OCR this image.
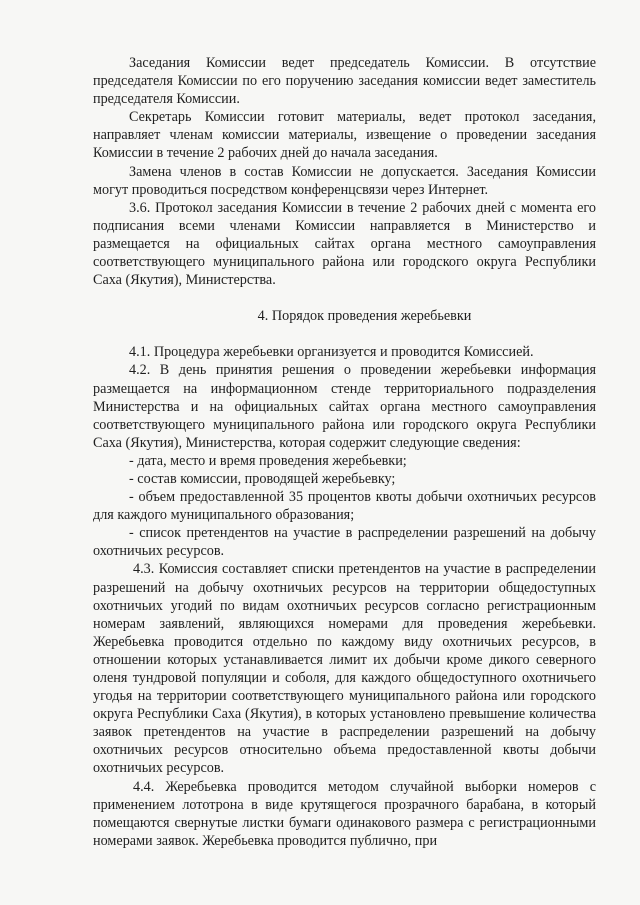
Заседания Комиссии ведет председатель Комиссии. В отсутствие председателя Комиссии по его поручению заседания комиссии ведет заместитель председателя Комиссии.

Секретарь Комиссии готовит материалы, ведет протокол заседания, направляет членам комиссии материалы, извещение о проведении заседания Комиссии в течение 2 рабочих дней до начала заседания.

Замена членов в состав Комиссии не допускается. Заседания Комиссии могут проводиться посредством конференцсвязи через Интернет.

3.6. Протокол заседания Комиссии в течение 2 рабочих дней с момента его подписания всеми членами Комиссии направляется в Министерство и размещается на официальных сайтах органа местного самоуправления соответствующего муниципального района или городского округа Республики Саха (Якутия), Министерства.

4. Порядок проведения жеребьевки

4.1. Процедура жеребьевки организуется и проводится Комиссией.

4.2. В день принятия решения о проведении жеребьевки информация размещается на информационном стенде территориального подразделения Министерства и на официальных сайтах органа местного самоуправления соответствующего муниципального района или городского округа Республики Саха (Якутия), Министерства, которая содержит следующие сведения:

- дата, место и время проведения жеребьевки;

- состав комиссии, проводящей жеребьевку;

- объем предоставленной 35 процентов квоты добычи охотничьих ресурсов для каждого муниципального образования;

- список претендентов на участие в распределении разрешений на добычу охотничьих ресурсов.

4.3. Комиссия составляет списки претендентов на участие в распределении разрешений на добычу охотничьих ресурсов на территории общедоступных охотничьих угодий по видам охотничьих ресурсов согласно регистрационным номерам заявлений, являющихся номерами для проведения жеребьевки. Жеребьевка проводится отдельно по каждому виду охотничьих ресурсов, в отношении которых устанавливается лимит их добычи кроме дикого северного оленя тундровой популяции и соболя, для каждого общедоступного охотничьего угодья на территории соответствующего муниципального района или городского округа Республики Саха (Якутия), в которых установлено превышение количества заявок претендентов на участие в распределении разрешений на добычу охотничьих ресурсов относительно объема предоставленной квоты добычи охотничьих ресурсов.

4.4. Жеребьевка проводится методом случайной выборки номеров с применением лототрона в виде крутящегося прозрачного барабана, в который помещаются свернутые листки бумаги одинакового размера с регистрационными номерами заявок. Жеребьевка проводится публично, при
